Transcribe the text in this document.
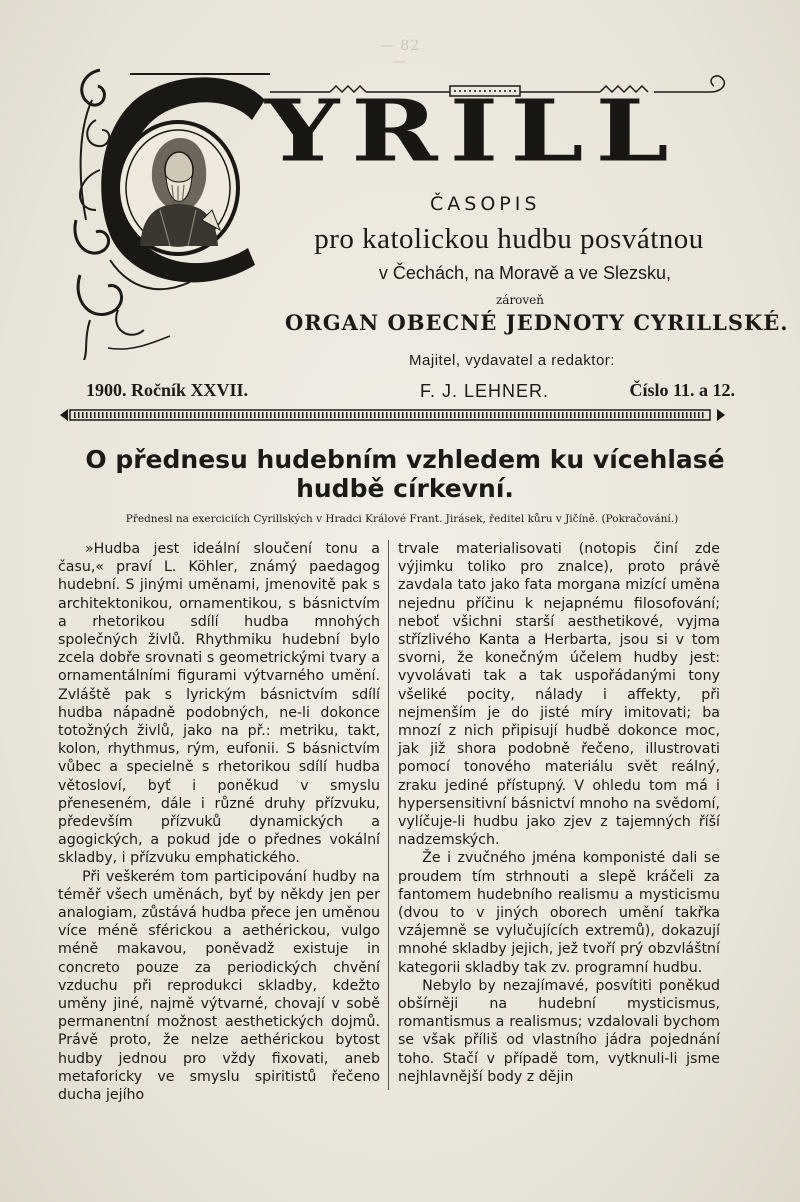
— 82 —
YRILL
ČASOPIS
pro katolickou hudbu posvátnou
v Čechách, na Moravě a ve Slezsku,
zároveň
ORGAN OBECNÉ JEDNOTY CYRILLSKÉ.
Majitel, vydavatel a redaktor:
1900. Ročník XXVII.	F. J. LEHNER.	Číslo 11. a 12.
O přednesu hudebním vzhledem ku vícehlasé hudbě církevní.
Přednesl na exerciciích Cyrillských v Hradci Králové Frant. Jirásek, ředitel kůru v Jičíně. (Pokračování.)

»Hudba jest ideální sloučení tonu a času,« praví L. Köhler, známý paedagog hudební. S jinými uměnami, jmenovitě pak s architektonikou, ornamentikou, s básnictvím a rhetorikou sdílí hudba mnohých společných živlů. Rhythmiku hudební bylo zcela dobře srovnati s geometrickými tvary a ornamentálními figurami výtvarného umění. Zvláště pak s lyrickým básnictvím sdílí hudba nápadně podobných, ne-li dokonce totožných živlů, jako na př.: metriku, takt, kolon, rhythmus, rým, eufonii. S básnictvím vůbec a specielně s rhetorikou sdílí hudba větosloví, byť i poněkud v smyslu přeneseném, dále i různé druhy přízvuku, především přízvuků dynamických a agogických, a pokud jde o přednes vokální skladby, i přízvuku emphatického.

Při veškerém tom participování hudby na téměř všech uměnách, byť by někdy jen per analogiam, zůstává hudba přece jen uměnou více méně sférickou a aethérickou, vulgo méně makavou, poněvadž existuje in concreto pouze za periodických chvění vzduchu při reprodukci skladby, kdežto uměny jiné, najmě výtvarné, chovají v sobě permanentní možnost aesthetických dojmů. Právě proto, že nelze aethérickou bytost hudby jednou pro vždy fixovati, aneb metaforicky ve smyslu spiritistů řečeno ducha jejího

trvale materialisovati (notopis činí zde výjimku toliko pro znalce), proto právě zavdala tato jako fata morgana mizící uměna nejednu příčinu k nejapnému filosofování; neboť všichni starší aesthetikové, vyjma střízlivého Kanta a Herbarta, jsou si v tom svorni, že konečným účelem hudby jest: vyvolávati tak a tak uspořádanými tony všeliké pocity, nálady i affekty, při nejmenším je do jisté míry imitovati; ba mnozí z nich připisují hudbě dokonce moc, jak již shora podobně řečeno, illustrovati pomocí tonového materiálu svět reálný, zraku jediné přístupný. V ohledu tom má i hypersensitivní básnictví mnoho na svědomí, vylíčuje-li hudbu jako zjev z tajemných říší nadzemských.

Že i zvučného jména komponisté dali se proudem tím strhnouti a slepě kráčeli za fantomem hudebního realismu a mysticismu (dvou to v jiných oborech umění takřka vzájemně se vylučujících extremů), dokazují mnohé skladby jejich, jež tvoří prý obzvláštní kategorii skladby tak zv. programní hudbu.

Nebylo by nezajímavé, posvítiti poněkud obšírněji na hudební mysticismus, romantismus a realismus; vzdalovali bychom se však příliš od vlastního jádra pojednání toho. Stačí v případě tom, vytknuli-li jsme nejhlavnější body z dějin
